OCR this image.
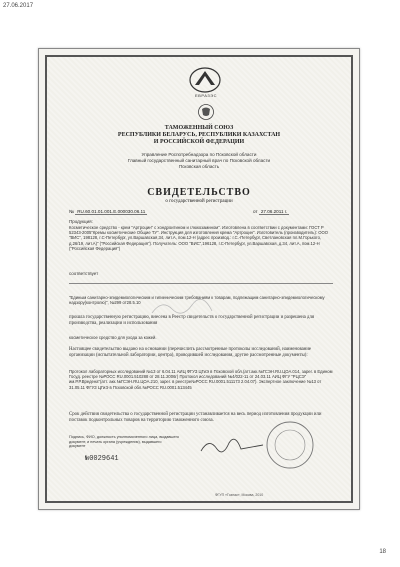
27.06.2017
ЕВРАЗЭС
ТАМОЖЕННЫЙ СОЮЗ
РЕСПУБЛИКИ БЕЛАРУСЬ, РЕСПУБЛИКИ КАЗАХСТАН
И РОССИЙСКОЙ ФЕДЕРАЦИИ
Управление Роспотребнадзора по Псковской области
Главный государственный санитарный врач по Псковской области
Псковская область
СВИДЕТЕЛЬСТВО
о государственной регистрации
№ RU.60.01.01.001.Е.000030.06.11	от 27.06.2011 г.
Продукция:
Косметическое средство - крем "Артроцин" с хондроитином и глюкозамином". Изготовлена в соответствии с документами: ГОСТ Р 52343-2005"Кремы косметические Общие ТУ". Инструкция для изготовления крема "Артроцин". Изготовитель (производитель): ООО "ВИС", 198128, г.С-Петербург, ул.Варшавская,34, лит.А, пом.12-Н (адрес производ.: г.С.-Петербург, Светлановская пл.М.Горького, д.26/19, лит.А)" ("Российская Федерация"). Получатель: ООО "ВИС",196128, г.С-Петербург, ул.Варшавская, д.34, лит.А, пом.12-Н ("Российская Федерация")
соответствует
"Единым санитарно-эпидемиологическим и гигиеническим требованиям к товарам, подлежащим санитарно-эпидемиологическому надзору(контролю)", №299 от28.5.10
прошла государственную регистрацию, внесена в Реестр свидетельств о государственной регистрации и разрешена для производства, реализации и использования
косметическое средство для ухода за кожей.
Настоящее свидетельство выдано на основании (перечислить рассмотренные протоколы исследований, наименование организации (испытательной лаборатории, центра), проводившей исследования, другие рассмотренные документы):
Протокол лабораторных исследований №13 от 6.04.11 АИЦ ФГУЗ ЦГиЭ в Псковской обл.(атт.акк.№ГСЭН.RU.ЦОА.014, зарег. в Едином Госуд. реестре №РОСС RU.0001.510288 от 28.11.2006г) Протокол исследований №4/022-11 от 24.03.11 АИЦ ФГУ "РЦСЭ" им.Р.Р.Вредена"(атт. акк.№ГСЭН.RU.ЦОА.210, зарег. в реестре№РОСС RU.0001.511173 2.04.07). Экспертное заключение №13 от 31.05.11 ФГУЗ ЦГиЭ в Псковской обл.№РОСС RU.0001.513445
Срок действия свидетельства о государственной регистрации устанавливается на весь период изготовления продукции или поставок подконтрольных товаров на территорию таможенного союза.
Подпись, ФИО, должность уполномоченного лица, выдавшего документ, и печать органа (учреждения), выдавшего документ
№0029641
ФГУП «Гознак», Москва, 2010
18
